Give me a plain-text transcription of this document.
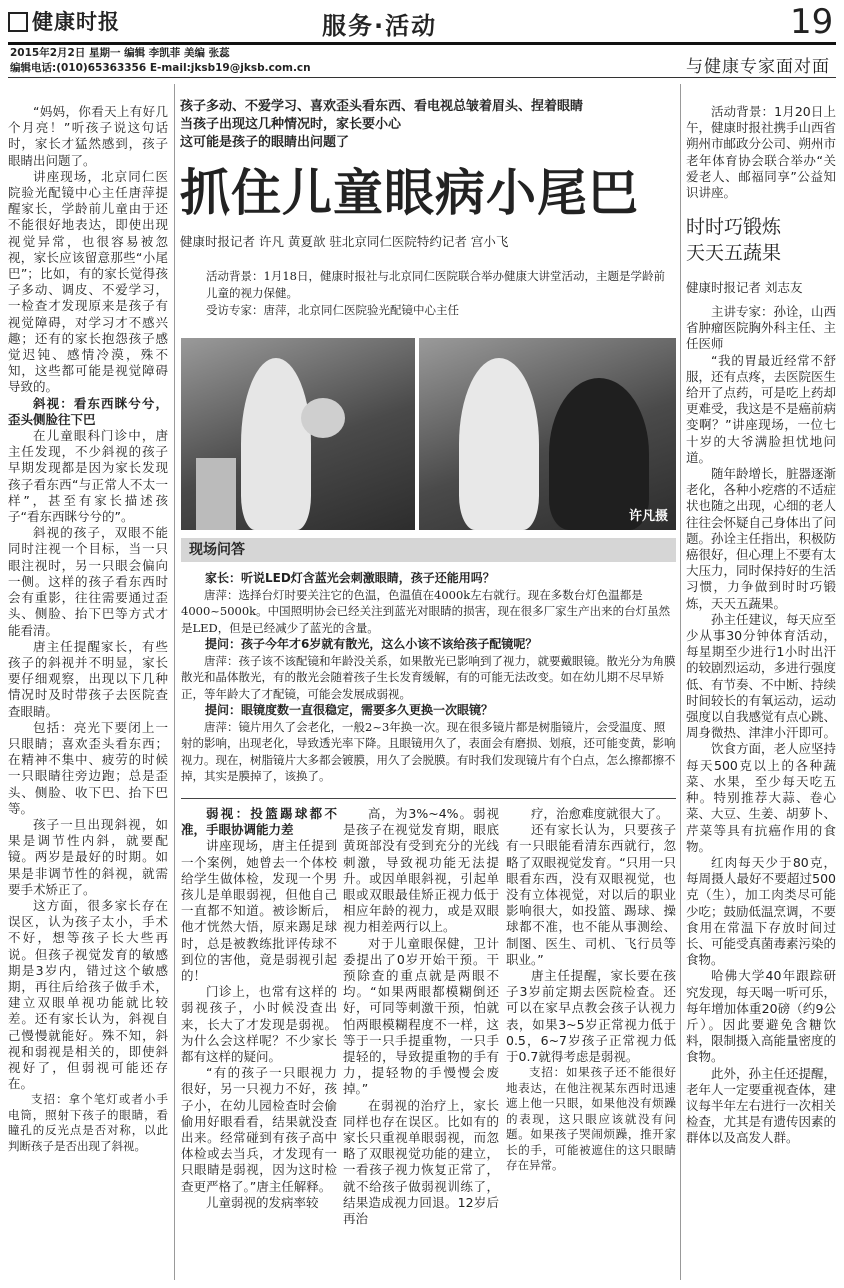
健康时报	服务·活动	19
2015年2月2日 星期一 编辑 李凯菲 美编 张蕊
编辑电话:(010)65363356 E-mail:jksb19@jksb.com.cn	与健康专家面对面

“妈妈，你看天上有好几个月亮！”听孩子说这句话时，家长才猛然感到，孩子眼睛出问题了。

讲座现场，北京同仁医院验光配镜中心主任唐萍提醒家长，学龄前儿童由于还不能很好地表达，即使出现视觉异常，也很容易被忽视，家长应该留意那些“小尾巴”；比如，有的家长觉得孩子多动、调皮、不爱学习，一检查才发现原来是孩子有视觉障碍，对学习才不感兴趣；还有的家长抱怨孩子感觉迟钝、感情冷漠，殊不知，这些都可能是视觉障碍导致的。

斜视：看东西眯兮兮，歪头侧脸往下巴

在儿童眼科门诊中，唐主任发现，不少斜视的孩子早期发现都是因为家长发现孩子看东西“与正常人不太一样”，甚至有家长描述孩子“看东西眯兮兮的”。

斜视的孩子，双眼不能同时注视一个目标，当一只眼注视时，另一只眼会偏向一侧。这样的孩子看东西时会有重影，往往需要通过歪头、侧脸、抬下巴等方式才能看清。

唐主任提醒家长，有些孩子的斜视并不明显，家长要仔细观察，出现以下几种情况时及时带孩子去医院查查眼睛。

包括：亮光下要闭上一只眼睛；喜欢歪头看东西；在精神不集中、疲劳的时候一只眼睛往旁边跑；总是歪头、侧脸、收下巴、抬下巴等。

孩子一旦出现斜视，如果是调节性内斜，就要配镜。两岁是最好的时期。如果是非调节性的斜视，就需要手术矫正了。

这方面，很多家长存在误区，认为孩子太小，手术不好，想等孩子长大些再说。但孩子视觉发育的敏感期是3岁内，错过这个敏感期，再往后给孩子做手术，建立双眼单视功能就比较差。还有家长认为，斜视自己慢慢就能好。殊不知，斜视和弱视是相关的，即使斜视好了，但弱视可能还存在。

支招：拿个笔灯或者小手电筒，照射下孩子的眼睛，看瞳孔的反光点是否对称，以此判断孩子是否出现了斜视。

孩子多动、不爱学习、喜欢歪头看东西、看电视总皱着眉头、捏着眼睛
当孩子出现这几种情况时，家长要小心
这可能是孩子的眼睛出问题了
抓住儿童眼病小尾巴
健康时报记者 许凡 黄夏歆 驻北京同仁医院特约记者 宫小飞
活动背景：1月18日，健康时报社与北京同仁医院联合举办健康大讲堂活动，主题是学龄前儿童的视力保健。
受访专家：唐萍，北京同仁医院验光配镜中心主任
许凡摄
现场问答

家长：听说LED灯含蓝光会刺激眼睛，孩子还能用吗？

唐萍：选择台灯时要关注它的色温，色温值在4000k左右就行。现在多数台灯色温都是4000~5000k。中国照明协会已经关注到蓝光对眼睛的损害，现在很多厂家生产出来的台灯虽然是LED，但是已经减少了蓝光的含量。

提问：孩子今年才6岁就有散光，这么小该不该给孩子配镜呢？

唐萍：孩子该不该配镜和年龄没关系，如果散光已影响到了视力，就要戴眼镜。散光分为角膜散光和晶体散光，有的散光会随着孩子生长发育缓解，有的可能无法改变。如在幼儿期不尽早矫正，等年龄大了才配镜，可能会发展成弱视。

提问：眼镜度数一直很稳定，需要多久更换一次眼镜？

唐萍：镜片用久了会老化，一般2~3年换一次。现在很多镜片都是树脂镜片，会受温度、照射的影响，出现老化，导致透光率下降。且眼镜用久了，表面会有磨损、划痕，还可能变黄，影响视力。现在，树脂镜片大多都会镀膜，用久了会脱膜。有时我们发现镜片有个白点，怎么擦都擦不掉，其实是膜掉了，该换了。

弱视：投篮踢球都不准，手眼协调能力差

讲座现场，唐主任提到一个案例，她曾去一个体校给学生做体检，发现一个男孩儿是单眼弱视，但他自己一直都不知道。被诊断后，他才恍然大悟，原来踢足球时，总是被教练批评传球不到位的害他，竟是弱视引起的！

门诊上，也常有这样的弱视孩子，小时候没查出来，长大了才发现是弱视。为什么会这样呢？不少家长都有这样的疑问。

“有的孩子一只眼视力很好，另一只视力不好，孩子小，在幼儿园检查时会偷偷用好眼看看，结果就没查出来。经常碰到有孩子高中体检或去当兵，才发现有一只眼睛是弱视，因为这时检查更严格了。”唐主任解释。

儿童弱视的发病率较

高，为3%~4%。弱视是孩子在视觉发育期，眼底黄斑部没有受到充分的光线刺激，导致视功能无法提升。或因单眼斜视，引起单眼或双眼最佳矫正视力低于相应年龄的视力，或是双眼视力相差两行以上。

对于儿童眼保健，卫计委提出了0岁开始干预。干预除查的重点就是两眼不均。“如果两眼都模糊倒还好，可同等刺激干预，怕就怕两眼模糊程度不一样，这等于一只手提重物，一只手提轻的，导致提重物的手有力，提轻物的手慢慢会废掉。”

在弱视的治疗上，家长同样也存在误区。比如有的家长只重视单眼弱视，而忽略了双眼视觉功能的建立，一看孩子视力恢复正常了，就不给孩子做弱视训练了，结果造成视力回退。12岁后再治

疗，治愈难度就很大了。

还有家长认为，只要孩子有一只眼能看清东西就行，忽略了双眼视觉发育。“只用一只眼看东西，没有双眼视觉，也没有立体视觉，对以后的职业影响很大，如投篮、踢球、操球都不准，也不能从事测绘、制图、医生、司机、飞行员等职业。”

唐主任提醒，家长要在孩子3岁前定期去医院检查。还可以在家早点教会孩子认视力表，如果3~5岁正常视力低于0.5，6~7岁孩子正常视力低于0.7就得考虑是弱视。

支招：如果孩子还不能很好地表达，在他注视某东西时迅速遮上他一只眼，如果他没有烦躁的表现，这只眼应该就没有问题。如果孩子哭闹烦躁，推开家长的手，可能被遮住的这只眼睛存在异常。

活动背景：1月20日上午，健康时报社携手山西省朔州市邮政分公司、朔州市老年体育协会联合举办“关爱老人、邮福同享”公益知识讲座。

时时巧锻炼
天天五蔬果
健康时报记者 刘志友

主讲专家：孙诠，山西省肿瘤医院胸外科主任、主任医师

“我的胃最近经常不舒服，还有点疼，去医院医生给开了点药，可是吃上药却更难受，我这是不是癌前病变啊？”讲座现场，一位七十岁的大爷满脸担忧地问道。

随年龄增长，脏器逐渐老化，各种小疙瘩的不适症状也随之出现，心细的老人往往会怀疑自己身体出了问题。孙诠主任指出，积极防癌很好，但心理上不要有太大压力，同时保持好的生活习惯，力争做到时时巧锻炼，天天五蔬果。

孙主任建议，每天应至少从事30分钟体育活动，每星期至少进行1小时出汗的较剧烈运动，多进行强度低、有节奏、不中断、持续时间较长的有氧运动，运动强度以自我感觉有点心跳、周身微热、津津小汗即可。

饮食方面，老人应坚持每天500克以上的各种蔬菜、水果，至少每天吃五种。特别推荐大蒜、卷心菜、大豆、生姜、胡萝卜、芹菜等具有抗癌作用的食物。

红肉每天少于80克，每周摄人最好不要超过500克（生），加工肉类尽可能少吃；鼓励低温烹调，不要食用在常温下存放时间过长、可能受真菌毒素污染的食物。

哈佛大学40年跟踪研究发现，每天喝一听可乐，每年增加体重20磅（约9公斤）。因此要避免含糖饮料，限制摄入高能量密度的食物。

此外，孙主任还提醒，老年人一定要重视查体，建议每半年左右进行一次相关检查，尤其是有遗传因素的群体以及高发人群。
